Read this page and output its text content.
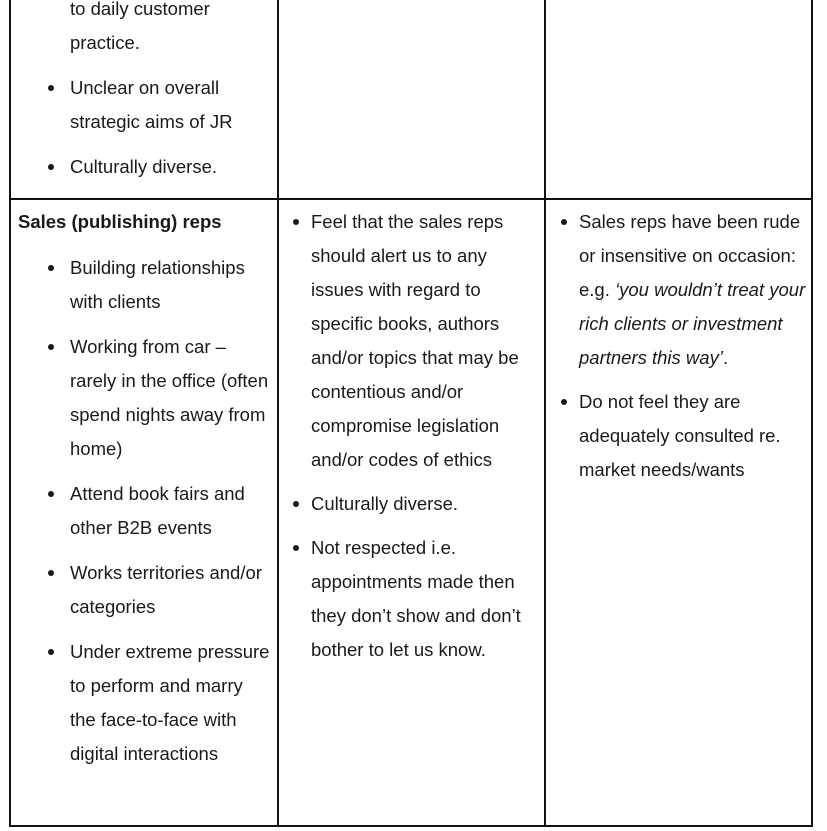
to daily customer practice.
Unclear on overall strategic aims of JR
Culturally diverse.
Sales (publishing) reps
Building relationships with clients
Working from car – rarely in the office (often spend nights away from home)
Attend book fairs and other B2B events
Works territories and/or categories
Under extreme pressure to perform and marry the face-to-face with digital interactions
Feel that the sales reps should alert us to any issues with regard to specific books, authors and/or topics that may be contentious and/or compromise legislation and/or codes of ethics
Culturally diverse.
Not respected i.e. appointments made then they don’t show and don’t bother to let us know.
Sales reps have been rude or insensitive on occasion: e.g. ‘you wouldn’t treat your rich clients or investment partners this way’.
Do not feel they are adequately consulted re. market needs/wants
